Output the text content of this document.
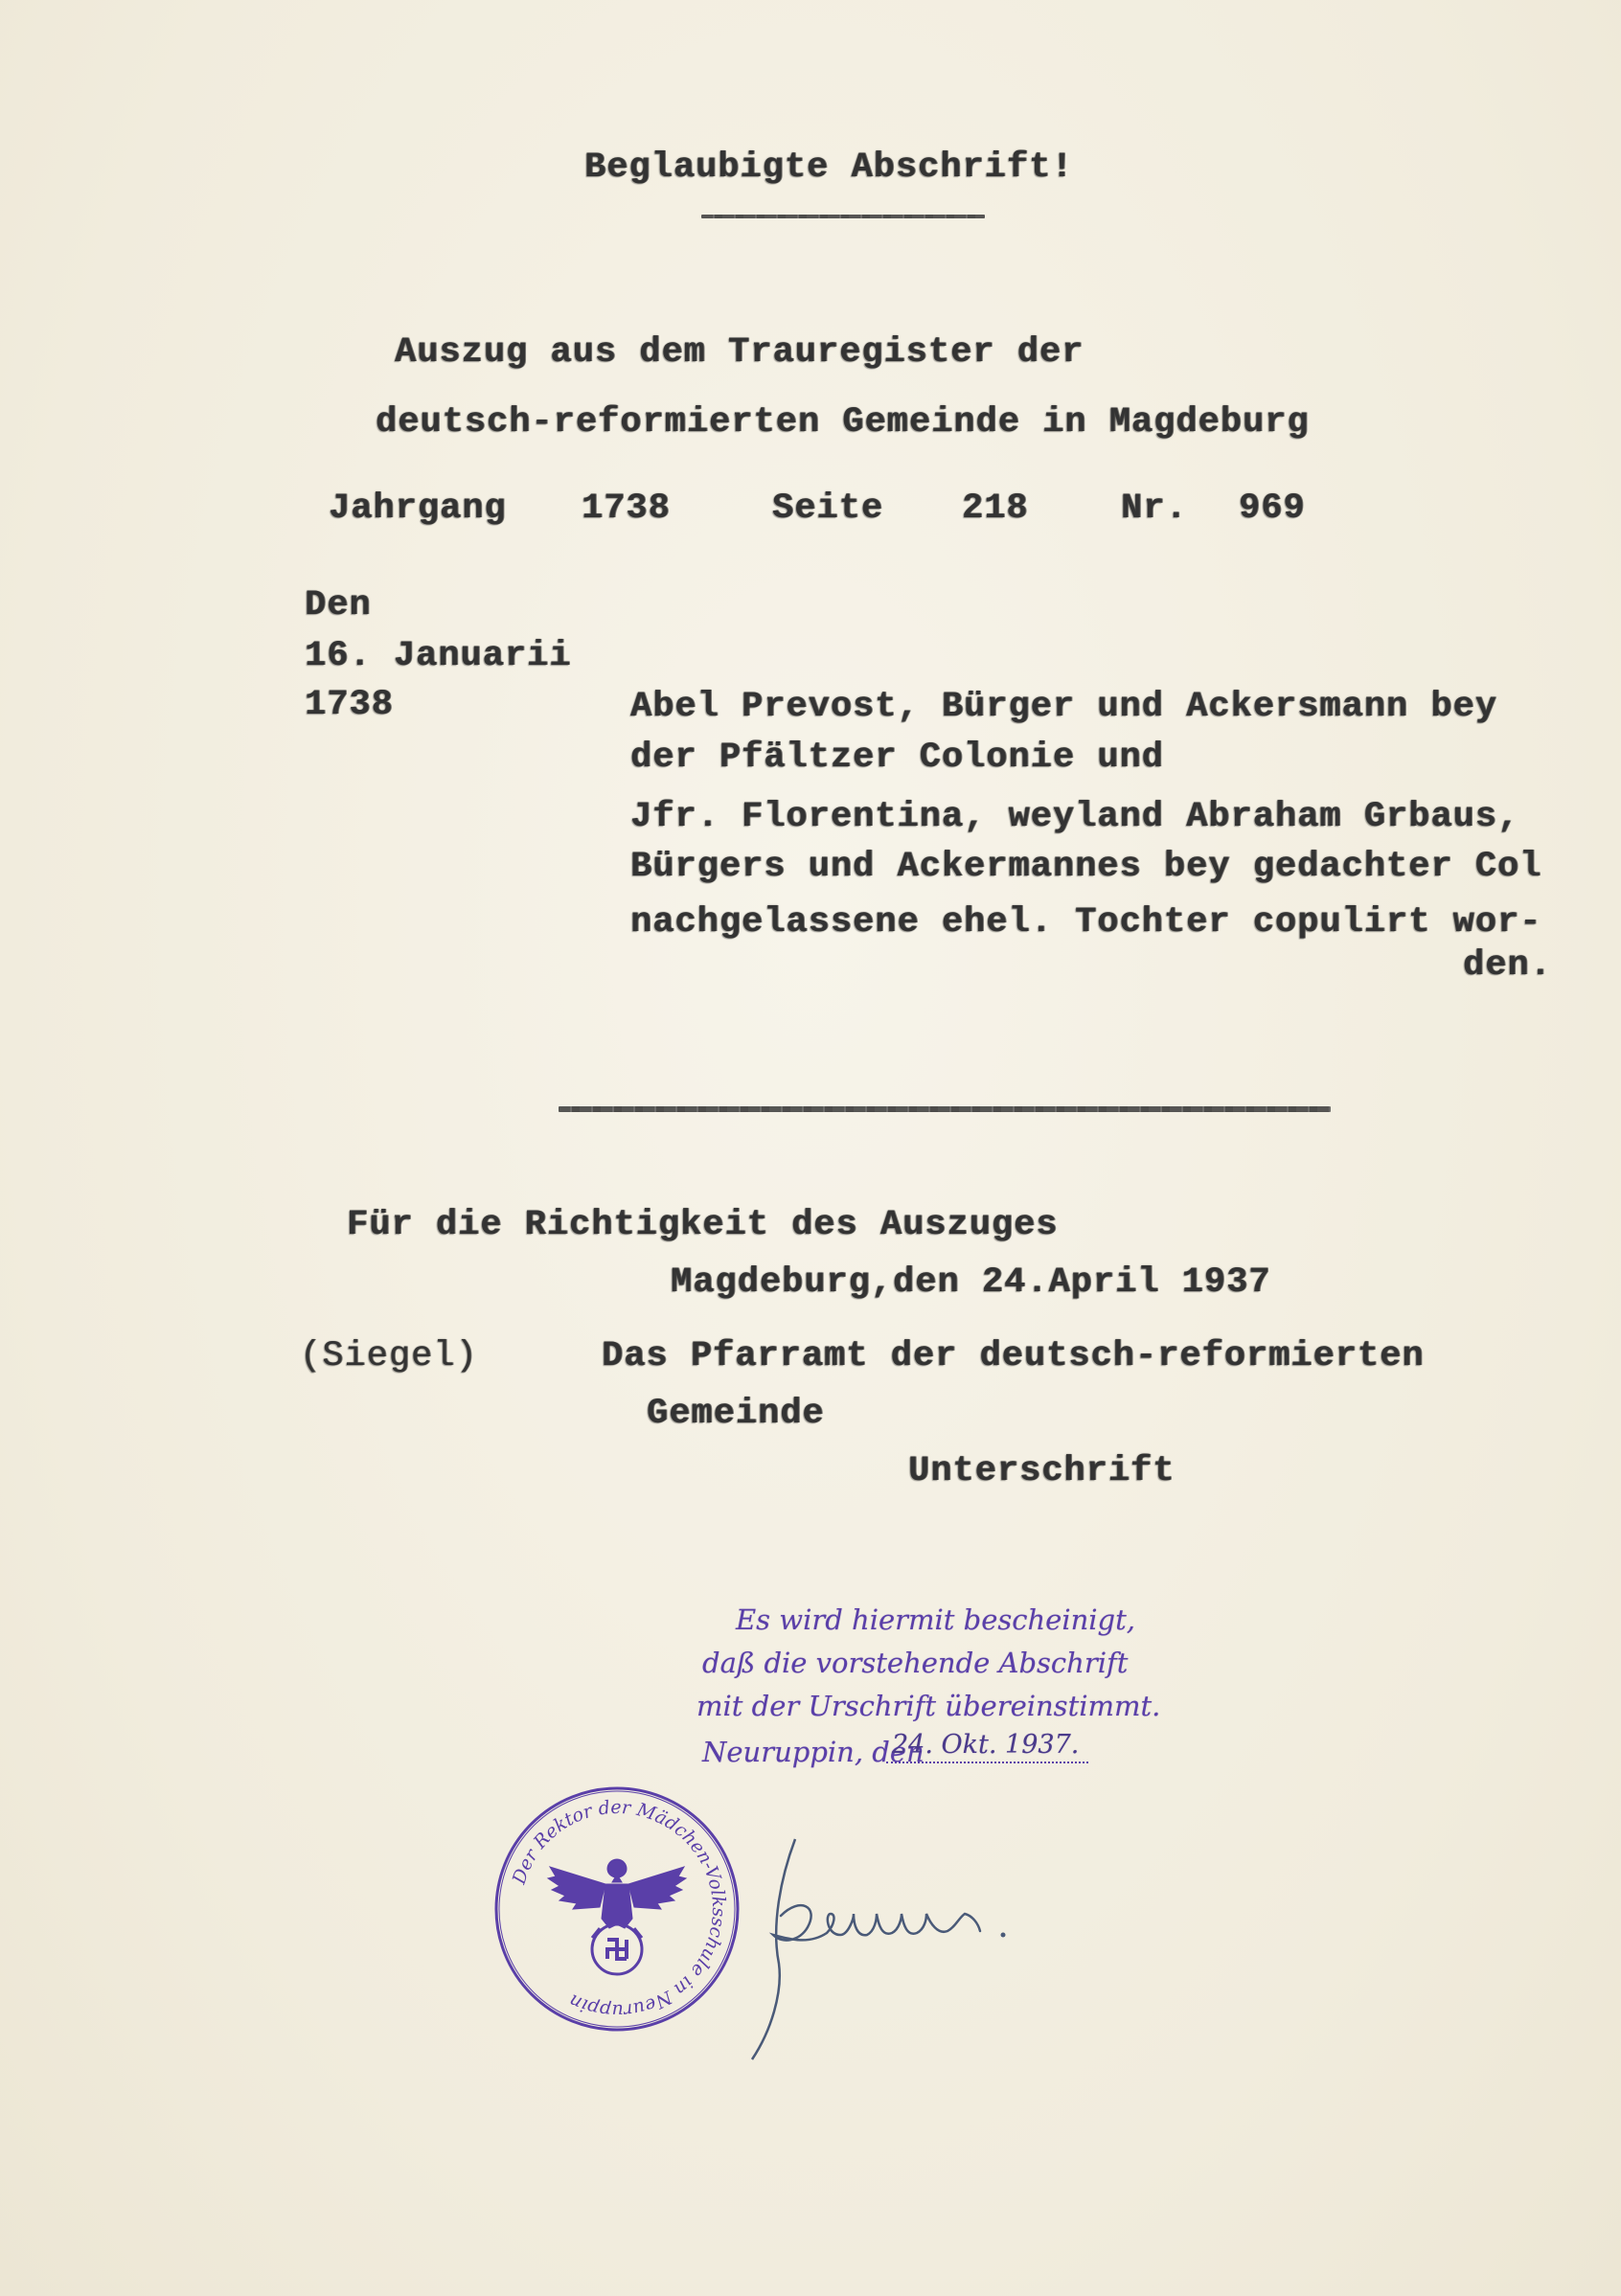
Beglaubigte Abschrift!
Auszug aus dem Trauregister der
deutsch-reformierten Gemeinde in Magdeburg
Jahrgang 1738	Seite 218	Nr. 969
Den
16. Januarii
1738	Abel Prevost, Bürger und Ackersmann bey
der Pfältzer Colonie und
Jfr. Florentina, weyland Abraham Grbaus,
Bürgers und Ackermannes bey gedachter Col
nachgelassene ehel. Tochter copulirt wor-
den.
Für die Richtigkeit des Auszuges
Magdeburg,den 24.April 1937
(Siegel)	Das Pfarramt der deutsch-reformierten
Gemeinde
Unterschrift
Es wird hiermit bescheinigt,
daß die vorstehende Abschrift
mit der Urschrift übereinstimmt.
Neuruppin, den
24. Okt. 1937.
Der Rektor der Mädchen-Volksschule in Neuruppin
